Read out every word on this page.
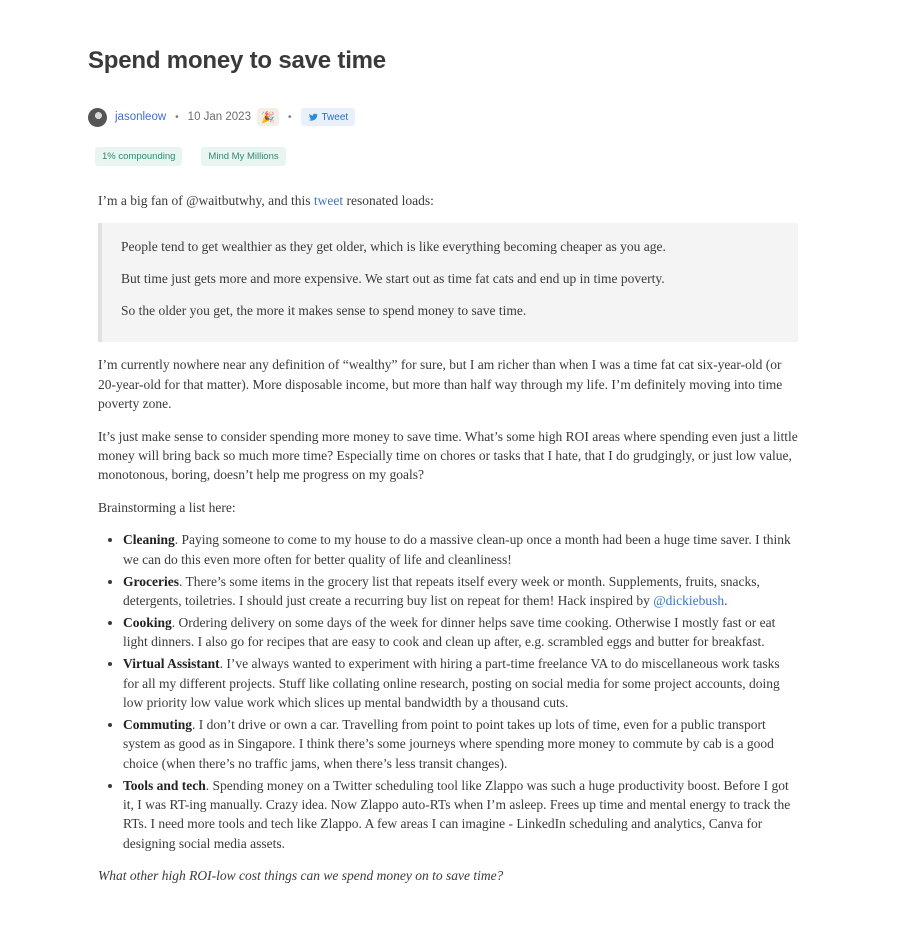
Spend money to save time
jasonleow • 10 Jan 2023 🎉	•	Tweet
1% compounding	Mind My Millions

I’m a big fan of @waitbutwhy, and this tweet resonated loads:

People tend to get wealthier as they get older, which is like everything becoming cheaper as you age.

But time just gets more and more expensive. We start out as time fat cats and end up in time poverty.

So the older you get, the more it makes sense to spend money to save time.

I’m currently nowhere near any definition of “wealthy” for sure, but I am richer than when I was a time fat cat six-year-old (or 20-year-old for that matter). More disposable income, but more than half way through my life. I’m definitely moving into time poverty zone.

It’s just make sense to consider spending more money to save time. What’s some high ROI areas where spending even just a little money will bring back so much more time? Especially time on chores or tasks that I hate, that I do grudgingly, or just low value, monotonous, boring, doesn’t help me progress on my goals?

Brainstorming a list here:

• Cleaning. Paying someone to come to my house to do a massive clean-up once a month had been a huge time saver. I think we can do this even more often for better quality of life and cleanliness!
• Groceries. There’s some items in the grocery list that repeats itself every week or month. Supplements, fruits, snacks, detergents, toiletries. I should just create a recurring buy list on repeat for them! Hack inspired by @dickiebush.
• Cooking. Ordering delivery on some days of the week for dinner helps save time cooking. Otherwise I mostly fast or eat light dinners. I also go for recipes that are easy to cook and clean up after, e.g. scrambled eggs and butter for breakfast.
• Virtual Assistant. I’ve always wanted to experiment with hiring a part-time freelance VA to do miscellaneous work tasks for all my different projects. Stuff like collating online research, posting on social media for some project accounts, doing low priority low value work which slices up mental bandwidth by a thousand cuts.
• Commuting. I don’t drive or own a car. Travelling from point to point takes up lots of time, even for a public transport system as good as in Singapore. I think there’s some journeys where spending more money to commute by cab is a good choice (when there’s no traffic jams, when there’s less transit changes).
• Tools and tech. Spending money on a Twitter scheduling tool like Zlappo was such a huge productivity boost. Before I got it, I was RT-ing manually. Crazy idea. Now Zlappo auto-RTs when I’m asleep. Frees up time and mental energy to track the RTs. I need more tools and tech like Zlappo. A few areas I can imagine - LinkedIn scheduling and analytics, Canva for designing social media assets.

What other high ROI-low cost things can we spend money on to save time?
